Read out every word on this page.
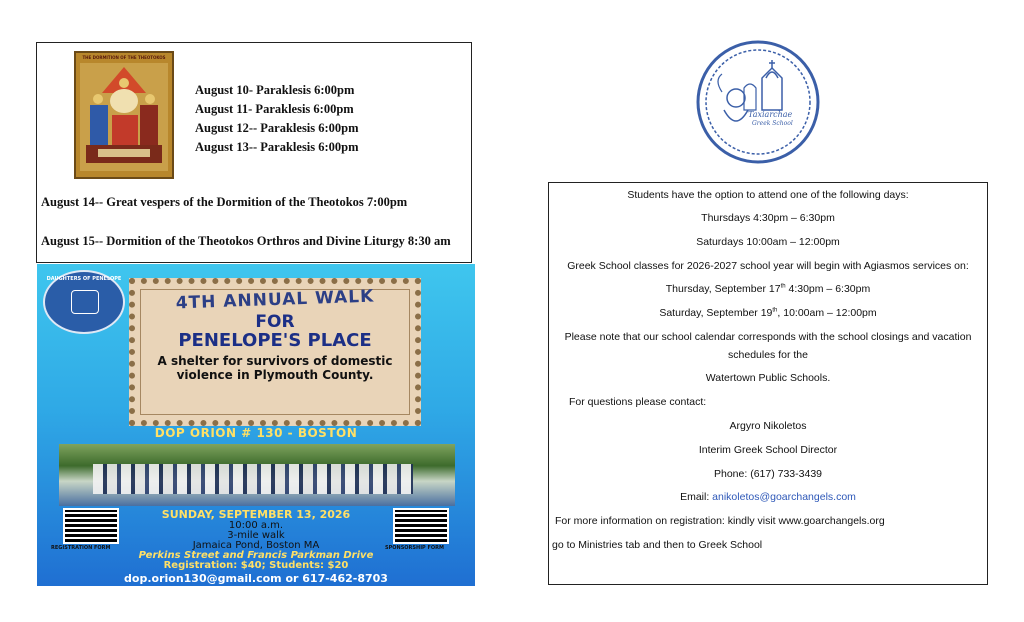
THE DORMITION OF THE THEOTOKOS
August 10- Paraklesis 6:00pm
August 11- Paraklesis 6:00pm
August 12-- Paraklesis 6:00pm
August 13-- Paraklesis 6:00pm
August 14-- Great vespers of the Dormition of the Theotokos 7:00pm
August 15-- Dormition of the Theotokos Orthros and Divine Liturgy 8:30 am
DAUGHTERS OF PENELOPE
4TH ANNUAL WALK
FOR
PENELOPE'S PLACE
A shelter for survivors of domestic violence in Plymouth County.
DOP ORION # 130 - BOSTON
REGISTRATION FORM	SPONSORSHIP FORM
SUNDAY, SEPTEMBER 13, 2026
10:00 a.m.
3-mile walk
Jamaica Pond, Boston MA
Perkins Street and Francis Parkman Drive
Registration: $40; Students: $20
dop.orion130@gmail.com or 617-462-8703
Taxiarchae
Greek School
Students have the option to attend one of the following days:
Thursdays 4:30pm – 6:30pm
Saturdays 10:00am – 12:00pm
Greek School classes for 2026-2027 school year will begin with Agiasmos services on:
Thursday, September 17th 4:30pm – 6:30pm
Saturday, September 19th, 10:00am – 12:00pm
Please note that our school calendar corresponds with the school closings and vacation
schedules for the
Watertown Public Schools.
For questions please contact:
Argyro Nikoletos
Interim Greek School Director
Phone: (617) 733-3439
Email: anikoletos@goarchangels.com
For more information on registration: kindly visit www.goarchangels.org
go to Ministries tab and then to Greek School
